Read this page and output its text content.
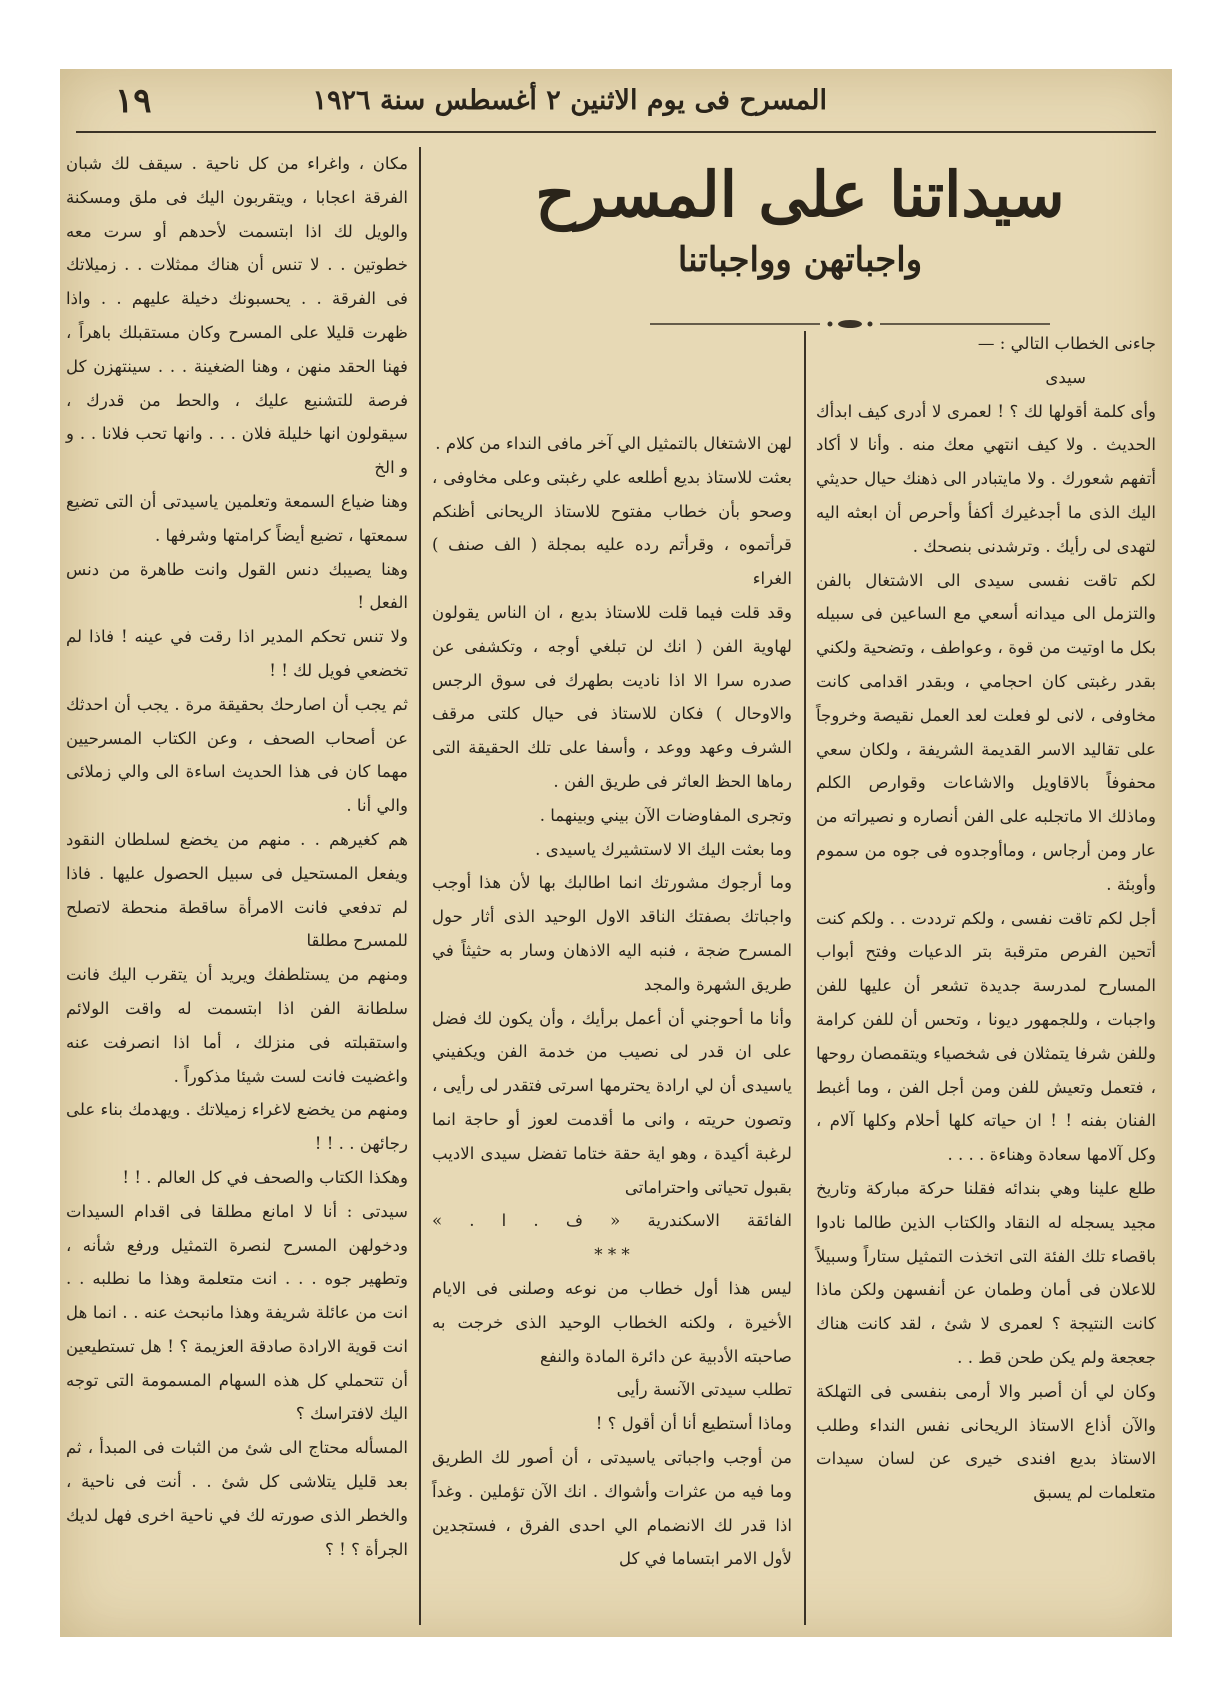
المسرح فى يوم الاثنين ٢ أغسطس سنة ١٩٢٦
١٩
سيداتنا على المسرح
واجباتهن وواجباتنا

جاءنى الخطاب التالي : —

سيدى

وأى كلمة أقولها لك ؟ ! لعمرى لا أدرى كيف ابدأك الحديث . ولا كيف انتهي معك منه . وأنا لا أكاد أتفهم شعورك . ولا مايتبادر الى ذهنك حيال حديثي اليك الذى ما أجدغيرك أكفأ وأحرص أن ابعثه اليه لتهدى لى رأيك . وترشدنى بنصحك .

لكم تاقت نفسى سيدى الى الاشتغال بالفن والتزمل الى ميدانه أسعي مع الساعين فى سبيله بكل ما اوتيت من قوة ، وعواطف ، وتضحية ولكني بقدر رغبتى كان احجامي ، وبقدر اقدامى كانت مخاوفى ، لانى لو فعلت لعد العمل نقيصة وخروجاً على تقاليد الاسر القديمة الشريفة ، ولكان سعي محفوفاً بالاقاويل والاشاعات وقوارص الكلم وماذلك الا ماتجلبه على الفن أنصاره و نصيراته من عار ومن أرجاس ، وماأوجدوه فى جوه من سموم وأوبئة .

أجل لكم تاقت نفسى ، ولكم ترددت . . ولكم كنت أتحين الفرص مترقبة بتر الدعيات وفتح أبواب المسارح لمدرسة جديدة تشعر أن عليها للفن واجبات ، وللجمهور ديونا ، وتحس أن للفن كرامة وللفن شرفا يتمثلان فى شخصياء ويتقمصان روحها ، فتعمل وتعيش للفن ومن أجل الفن ، وما أغبط الفنان بفنه ! ! ان حياته كلها أحلام وكلها آلام ، وكل آلامها سعادة وهناءة . . . .

طلع علينا وهي بندائه فقلنا حركة مباركة وتاريخ مجيد يسجله له النقاد والكتاب الذين طالما نادوا باقصاء تلك الفئة التى اتخذت التمثيل ستاراً وسبيلاً للاعلان فى أمان وطمان عن أنفسهن ولكن ماذا كانت النتيجة ؟ لعمرى لا شئ ، لقد كانت هناك جعجعة ولم يكن طحن قط . .

وكان لي أن أصبر والا أرمى بنفسى فى التهلكة والآن أذاع الاستاذ الريحانى نفس النداء وطلب الاستاذ بديع افندى خيرى عن لسان سيدات متعلمات لم يسبق

لهن الاشتغال بالتمثيل الي آخر مافى النداء من كلام .

بعثت للاستاذ بديع أطلعه علي رغبتى وعلى مخاوفى ، وصحو بأن خطاب مفتوح للاستاذ الريحانى أظنكم قرأتموه ، وقرأتم رده عليه بمجلة ( الف صنف ) الغراء

وقد قلت فيما قلت للاستاذ بديع ، ان الناس يقولون لهاوية الفن ( انك لن تبلغي أوجه ، وتكشفى عن صدره سرا الا اذا ناديت بطهرك فى سوق الرجس والاوحال ) فكان للاستاذ فى حيال كلتى مرقف الشرف وعهد ووعد ، وأسفا على تلك الحقيقة التى رماها الحظ العاثر فى طريق الفن .

وتجرى المفاوضات الآن بيني وبينهما .

وما بعثت اليك الا لاستشيرك ياسيدى .

وما أرجوك مشورتك انما اطالبك بها لأن هذا أوجب واجباتك بصفتك الناقد الاول الوحيد الذى أثار حول المسرح ضجة ، فنبه اليه الاذهان وسار به حثيثاً في طريق الشهرة والمجد

وأنا ما أحوجني أن أعمل برأيك ، وأن يكون لك فضل على ان قدر لى نصيب من خدمة الفن ويكفيني ياسيدى أن لي ارادة يحترمها اسرتى فتقدر لى رأيى ، وتصون حريته ، وانى ما أقدمت لعوز أو حاجة انما لرغبة أكيدة ، وهو اية حقة ختاما تفضل سيدى الاديب بقبول تحياتى واحتراماتى

الفائقة الاسكندرية « ف . ا . »

* * *

ليس هذا أول خطاب من نوعه وصلنى فى الايام الأخيرة ، ولكنه الخطاب الوحيد الذى خرجت به صاحبته الأدبية عن دائرة المادة والنفع

تطلب سيدتى الآنسة رأيى

وماذا أستطيع أنا أن أقول ؟ !

من أوجب واجباتى ياسيدتى ، أن أصور لك الطريق وما فيه من عثرات وأشواك . انك الآن تؤملين . وغداً اذا قدر لك الانضمام الي احدى الفرق ، فستجدين لأول الامر ابتساما في كل

مكان ، واغراء من كل ناحية . سيقف لك شبان الفرقة اعجابا ، ويتقربون اليك فى ملق ومسكنة والويل لك اذا ابتسمت لأحدهم أو سرت معه خطوتين . . لا تنس أن هناك ممثلات . . زميلاتك فى الفرقة . . يحسبونك دخيلة عليهم . . واذا ظهرت قليلا على المسرح وكان مستقبلك باهراً ، فهنا الحقد منهن ، وهنا الضغينة . . . سينتهزن كل فرصة للتشنيع عليك ، والحط من قدرك ، سيقولون انها خليلة فلان . . . وانها تحب فلانا . . و و الخ

وهنا ضياع السمعة وتعلمين ياسيدتى أن التى تضيع سمعتها ، تضيع أيضاً كرامتها وشرفها .

وهنا يصيبك دنس القول وانت طاهرة من دنس الفعل !

ولا تنس تحكم المدير اذا رقت في عينه ! فاذا لم تخضعي فويل لك ! !

ثم يجب أن اصارحك بحقيقة مرة . يجب أن احدثك عن أصحاب الصحف ، وعن الكتاب المسرحيين مهما كان فى هذا الحديث اساءة الى والي زملائى والي أنا .

هم كغيرهم . . منهم من يخضع لسلطان النقود ويفعل المستحيل فى سبيل الحصول عليها . فاذا لم تدفعي فانت الامرأة ساقطة منحطة لاتصلح للمسرح مطلقا

ومنهم من يستلطفك ويريد أن يتقرب اليك فانت سلطانة الفن اذا ابتسمت له واقت الولائم واستقبلته فى منزلك ، أما اذا انصرفت عنه واغضيت فانت لست شيئا مذكوراً .

ومنهم من يخضع لاغراء زميلاتك . ويهدمك بناء على رجائهن . . ! !

وهكذا الكتاب والصحف في كل العالم . ! !

سيدتى : أنا لا امانع مطلقا فى اقدام السيدات ودخولهن المسرح لنصرة التمثيل ورفع شأنه ، وتطهير جوه . . . انت متعلمة وهذا ما نطلبه . . انت من عائلة شريفة وهذا مانبحث عنه . . انما هل انت قوية الارادة صادقة العزيمة ؟ ! هل تستطيعين أن تتحملي كل هذه السهام المسمومة التى توجه اليك لافتراسك ؟

المسأله محتاج الى شئ من الثبات فى المبدأ ، ثم بعد قليل يتلاشى كل شئ . . أنت فى ناحية ، والخطر الذى صورته لك في ناحية اخرى فهل لديك الجرأة ؟ ! ؟
